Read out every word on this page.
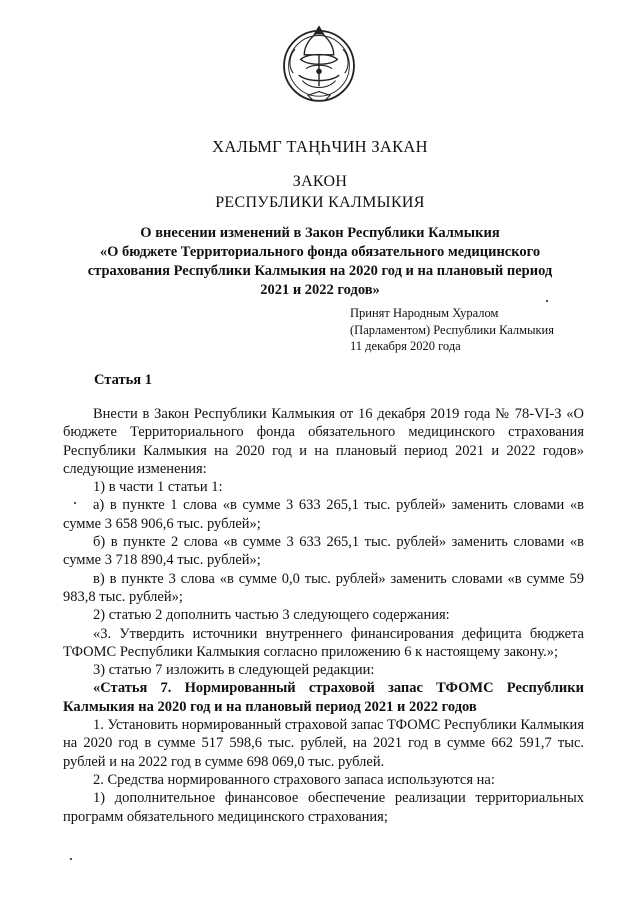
ХАЛЬМГ ТАҢҺЧИН ЗАКАН
ЗАКОН
РЕСПУБЛИКИ КАЛМЫКИЯ
О внесении изменений в Закон Республики Калмыкия
«О бюджете Территориального фонда обязательного медицинского
страхования Республики Калмыкия на 2020 год и на плановый период
2021 и 2022 годов»
Принят Народным Хуралом
(Парламентом) Республики Калмыкия
11 декабря 2020 года
Статья 1

Внести в Закон Республики Калмыкия от 16 декабря 2019 года № 78-VI-З «О бюджете Территориального фонда обязательного медицинского страхования Республики Калмыкия на 2020 год и на плановый период 2021 и 2022 годов» следующие изменения:

1) в части 1 статьи 1:

а) в пункте 1 слова «в сумме 3 633 265,1 тыс. рублей» заменить словами «в сумме 3 658 906,6 тыс. рублей»;

б) в пункте 2 слова «в сумме 3 633 265,1 тыс. рублей» заменить словами «в сумме 3 718 890,4 тыс. рублей»;

в) в пункте 3 слова «в сумме 0,0 тыс. рублей» заменить словами «в сумме 59 983,8 тыс. рублей»;

2) статью 2 дополнить частью 3 следующего содержания:

«3. Утвердить источники внутреннего финансирования дефицита бюджета ТФОМС Республики Калмыкия согласно приложению 6 к настоящему закону.»;

3) статью 7 изложить в следующей редакции:

«Статья 7. Нормированный страховой запас ТФОМС Республики Калмыкия на 2020 год и на плановый период 2021 и 2022 годов

1. Установить нормированный страховой запас ТФОМС Республики Калмыкия на 2020 год в сумме 517 598,6 тыс. рублей, на 2021 год в сумме 662 591,7 тыс. рублей и на 2022 год в сумме 698 069,0 тыс. рублей.

2. Средства нормированного страхового запаса используются на:

1) дополнительное финансовое обеспечение реализации территориальных программ обязательного медицинского страхования;
